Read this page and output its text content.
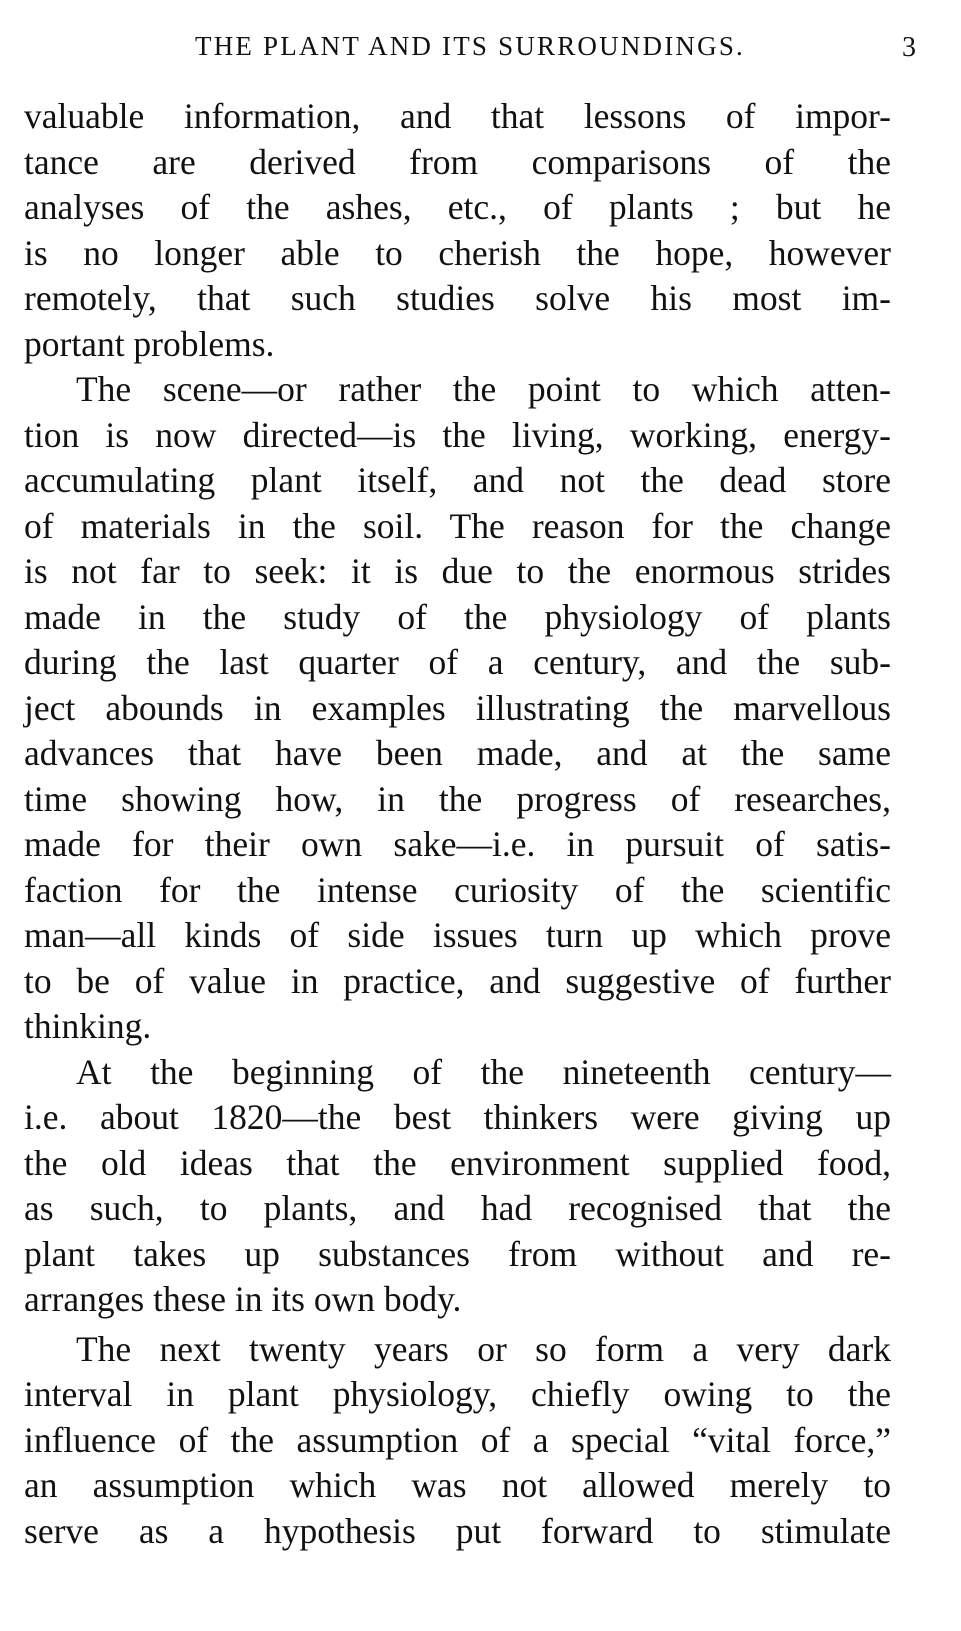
THE PLANT AND ITS SURROUNDINGS.	3
valuable information, and that lessons of impor-
tance are derived from comparisons of the
analyses of the ashes, etc., of plants ; but he
is no longer able to cherish the hope, however
remotely, that such studies solve his most im-
portant problems.
The scene—or rather the point to which atten-
tion is now directed—is the living, working, energy-
accumulating plant itself, and not the dead store
of materials in the soil. The reason for the change
is not far to seek: it is due to the enormous strides
made in the study of the physiology of plants
during the last quarter of a century, and the sub-
ject abounds in examples illustrating the marvellous
advances that have been made, and at the same
time showing how, in the progress of researches,
made for their own sake—i.e. in pursuit of satis-
faction for the intense curiosity of the scientific
man—all kinds of side issues turn up which prove
to be of value in practice, and suggestive of further
thinking.
At the beginning of the nineteenth century—
i.e. about 1820—the best thinkers were giving up
the old ideas that the environment supplied food,
as such, to plants, and had recognised that the
plant takes up substances from without and re-
arranges these in its own body.
The next twenty years or so form a very dark
interval in plant physiology, chiefly owing to the
influence of the assumption of a special “vital force,”
an assumption which was not allowed merely to
serve as a hypothesis put forward to stimulate
